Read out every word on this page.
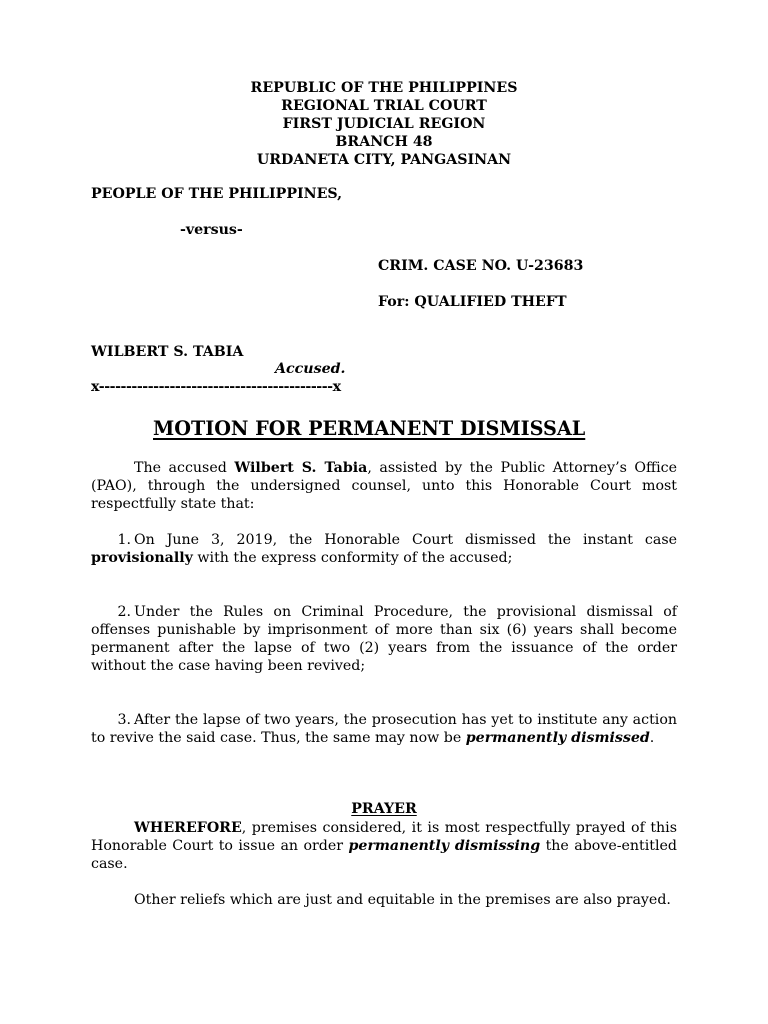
REPUBLIC OF THE PHILIPPINES
REGIONAL TRIAL COURT
FIRST JUDICIAL REGION
BRANCH 48
URDANETA CITY, PANGASINAN
PEOPLE OF THE PHILIPPINES,
-versus-
CRIM. CASE NO. U-23683
For: QUALIFIED THEFT
WILBERT S. TABIA
Accused.
x-------------------------------------------x
MOTION FOR PERMANENT DISMISSAL
The accused Wilbert S. Tabia, assisted by the Public Attorney’s Office (PAO), through the undersigned counsel, unto this Honorable Court most respectfully state that:
1. On June 3, 2019, the Honorable Court dismissed the instant case provisionally with the express conformity of the accused;
2. Under the Rules on Criminal Procedure, the provisional dismissal of offenses punishable by imprisonment of more than six (6) years shall become permanent after the lapse of two (2) years from the issuance of the order without the case having been revived;
3. After the lapse of two years, the prosecution has yet to institute any action to revive the said case. Thus, the same may now be permanently dismissed.
PRAYER
WHEREFORE, premises considered, it is most respectfully prayed of this Honorable Court to issue an order permanently dismissing the above-entitled case.
Other reliefs which are just and equitable in the premises are also prayed.
